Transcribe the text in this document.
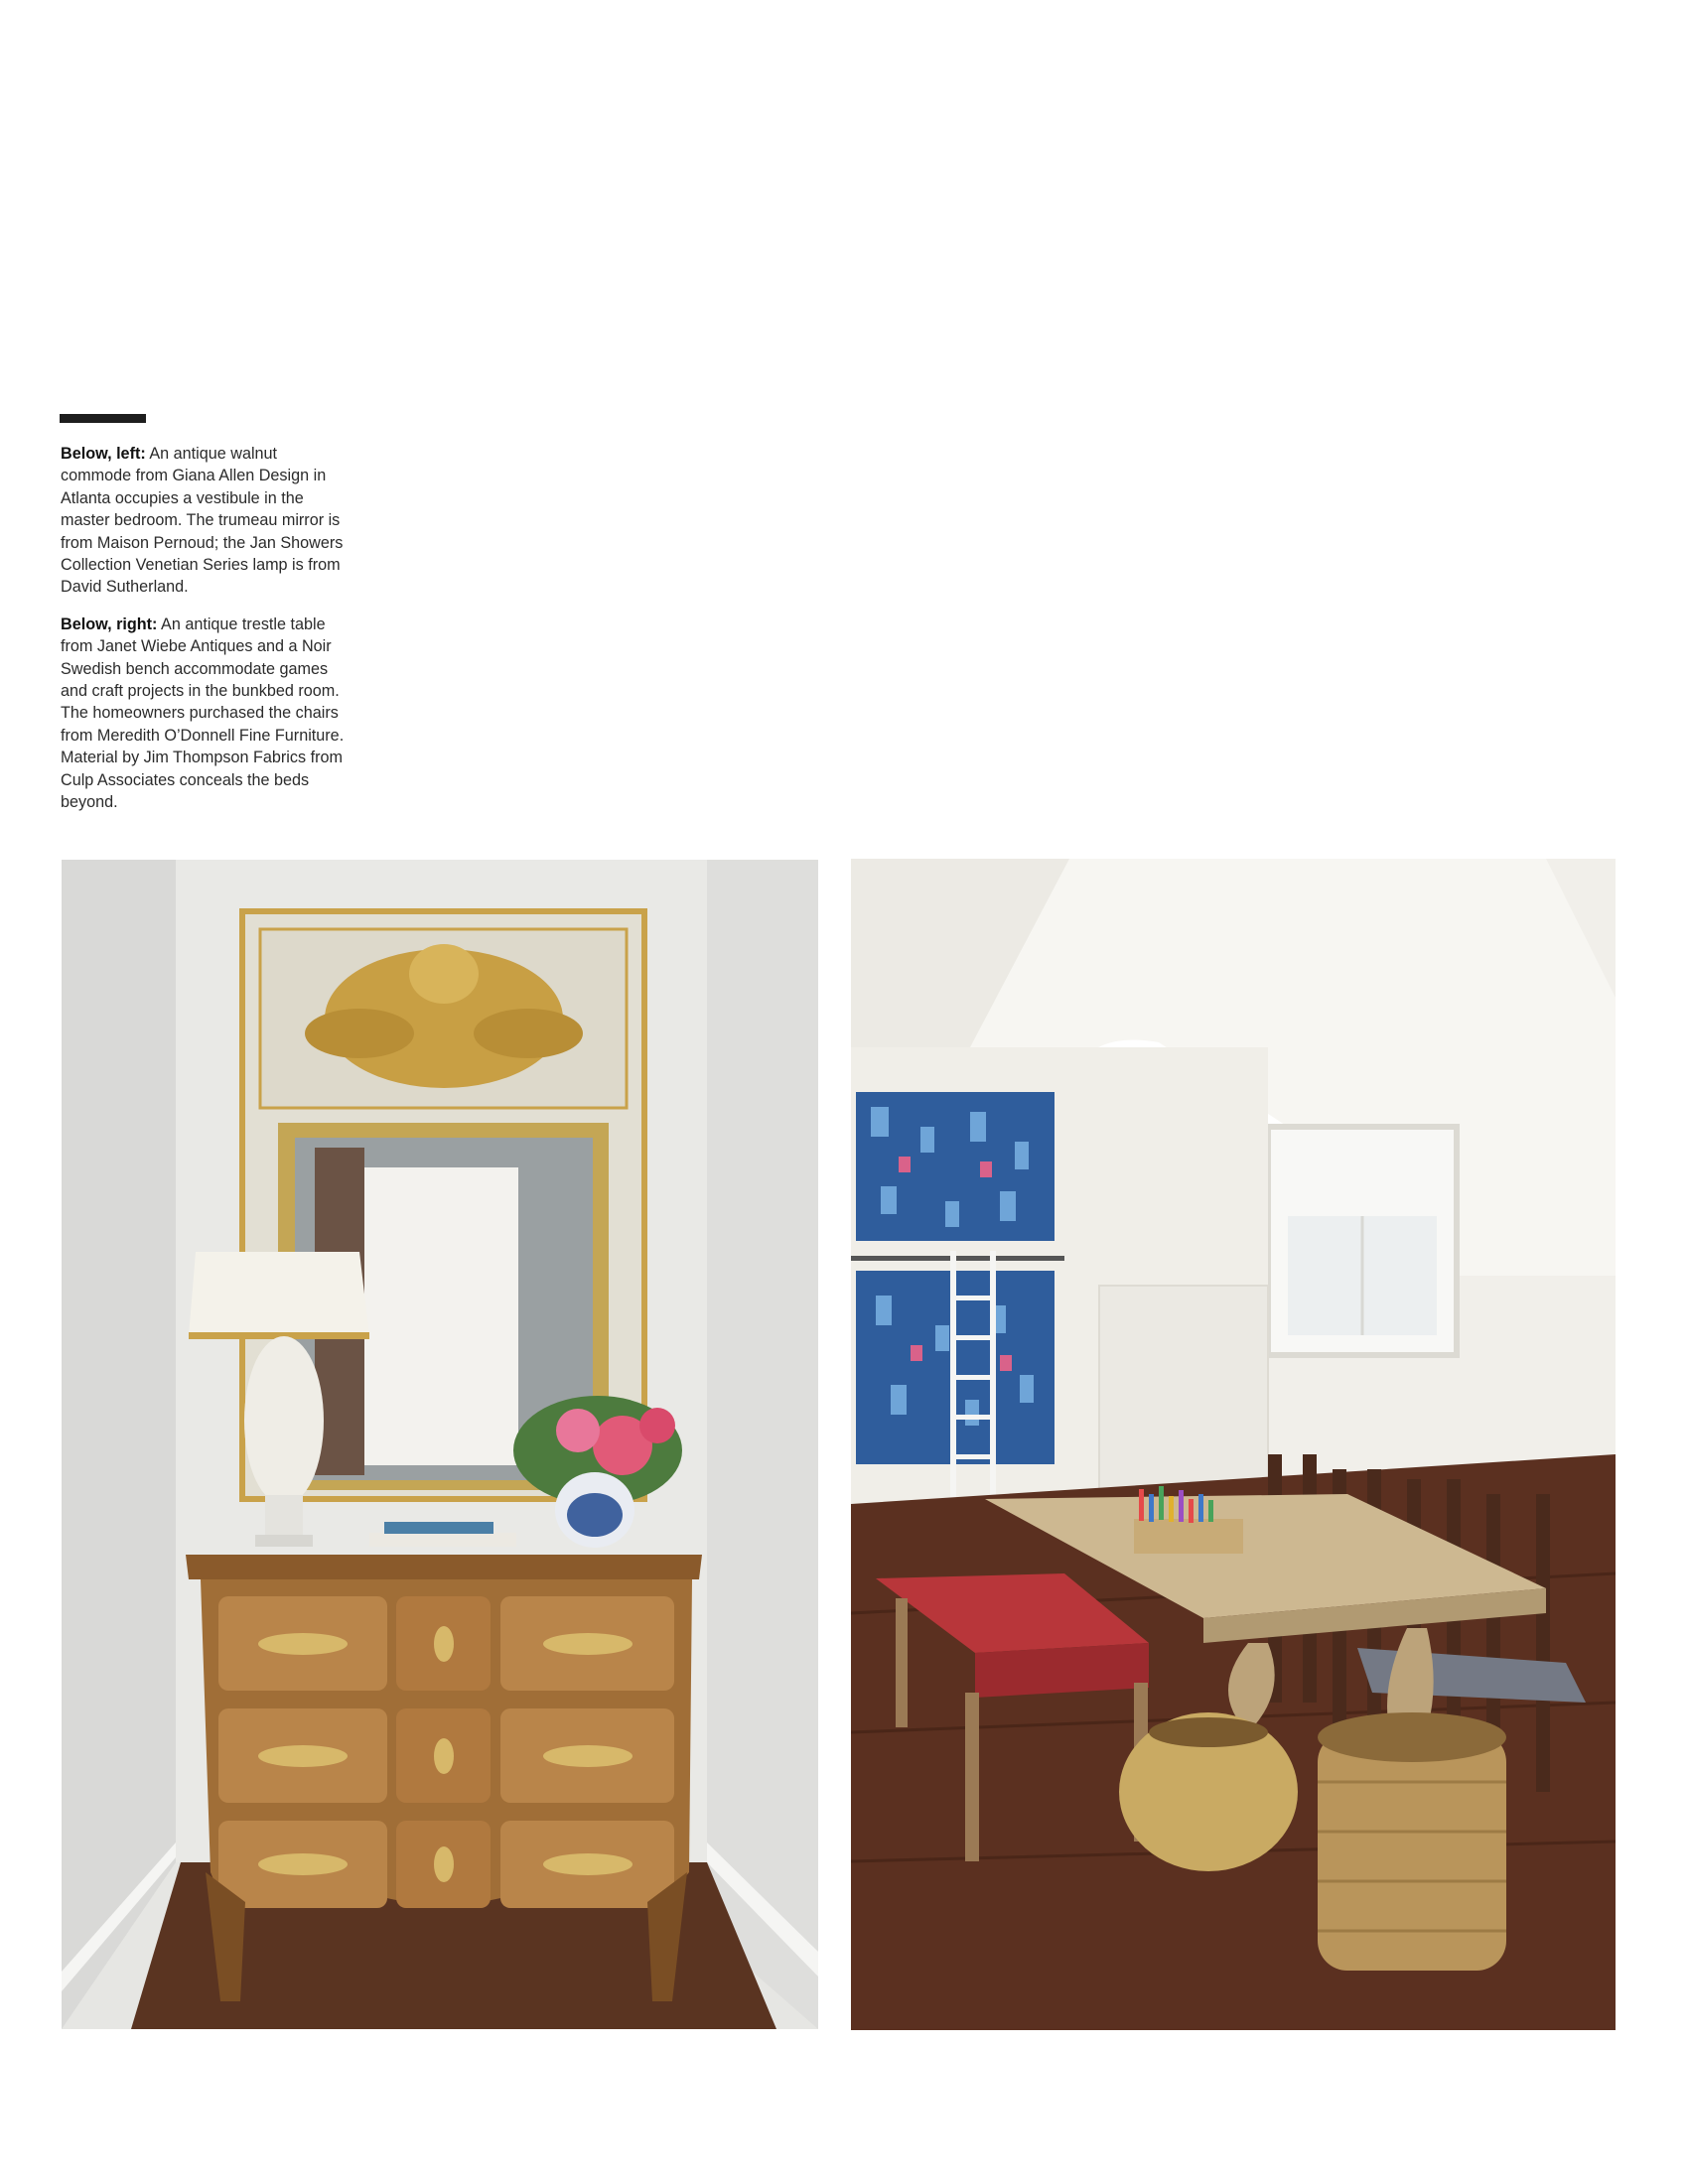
Below, left: An antique walnut commode from Giana Allen Design in Atlanta occupies a vestibule in the master bedroom. The trumeau mirror is from Maison Pernoud; the Jan Showers Collection Venetian Series lamp is from David Sutherland.

Below, right: An antique trestle table from Janet Wiebe Antiques and a Noir Swedish bench accommodate games and craft projects in the bunkbed room. The homeowners purchased the chairs from Meredith O’Donnell Fine Furniture. Material by Jim Thompson Fabrics from Culp Associates conceals the beds beyond.
